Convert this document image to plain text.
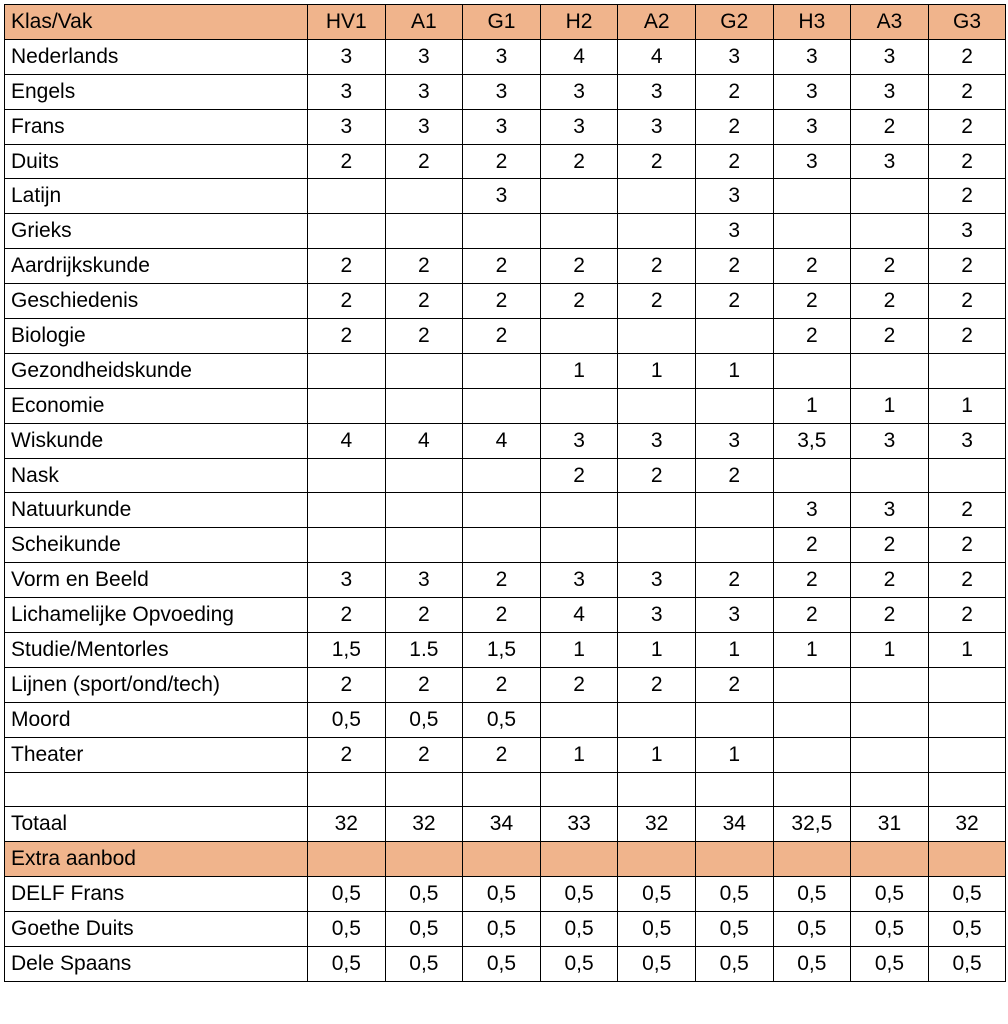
Klas/Vak	HV1	A1	G1	H2	A2	G2	H3	A3	G3
Nederlands	3	3	3	4	4	3	3	3	2
Engels	3	3	3	3	3	2	3	3	2
Frans	3	3	3	3	3	2	3	2	2
Duits	2	2	2	2	2	2	3	3	2
Latijn			3			3			2
Grieks						3			3
Aardrijkskunde	2	2	2	2	2	2	2	2	2
Geschiedenis	2	2	2	2	2	2	2	2	2
Biologie	2	2	2				2	2	2
Gezondheidskunde				1	1	1			
Economie							1	1	1
Wiskunde	4	4	4	3	3	3	3,5	3	3
Nask				2	2	2			
Natuurkunde							3	3	2
Scheikunde							2	2	2
Vorm en Beeld	3	3	2	3	3	2	2	2	2
Lichamelijke Opvoeding	2	2	2	4	3	3	2	2	2
Studie/Mentorles	1,5	1.5	1,5	1	1	1	1	1	1
Lijnen (sport/ond/tech)	2	2	2	2	2	2			
Moord	0,5	0,5	0,5						
Theater	2	2	2	1	1	1			

Totaal	32	32	34	33	32	34	32,5	31	32
Extra aanbod									
DELF Frans	0,5	0,5	0,5	0,5	0,5	0,5	0,5	0,5	0,5
Goethe Duits	0,5	0,5	0,5	0,5	0,5	0,5	0,5	0,5	0,5
Dele Spaans	0,5	0,5	0,5	0,5	0,5	0,5	0,5	0,5	0,5
